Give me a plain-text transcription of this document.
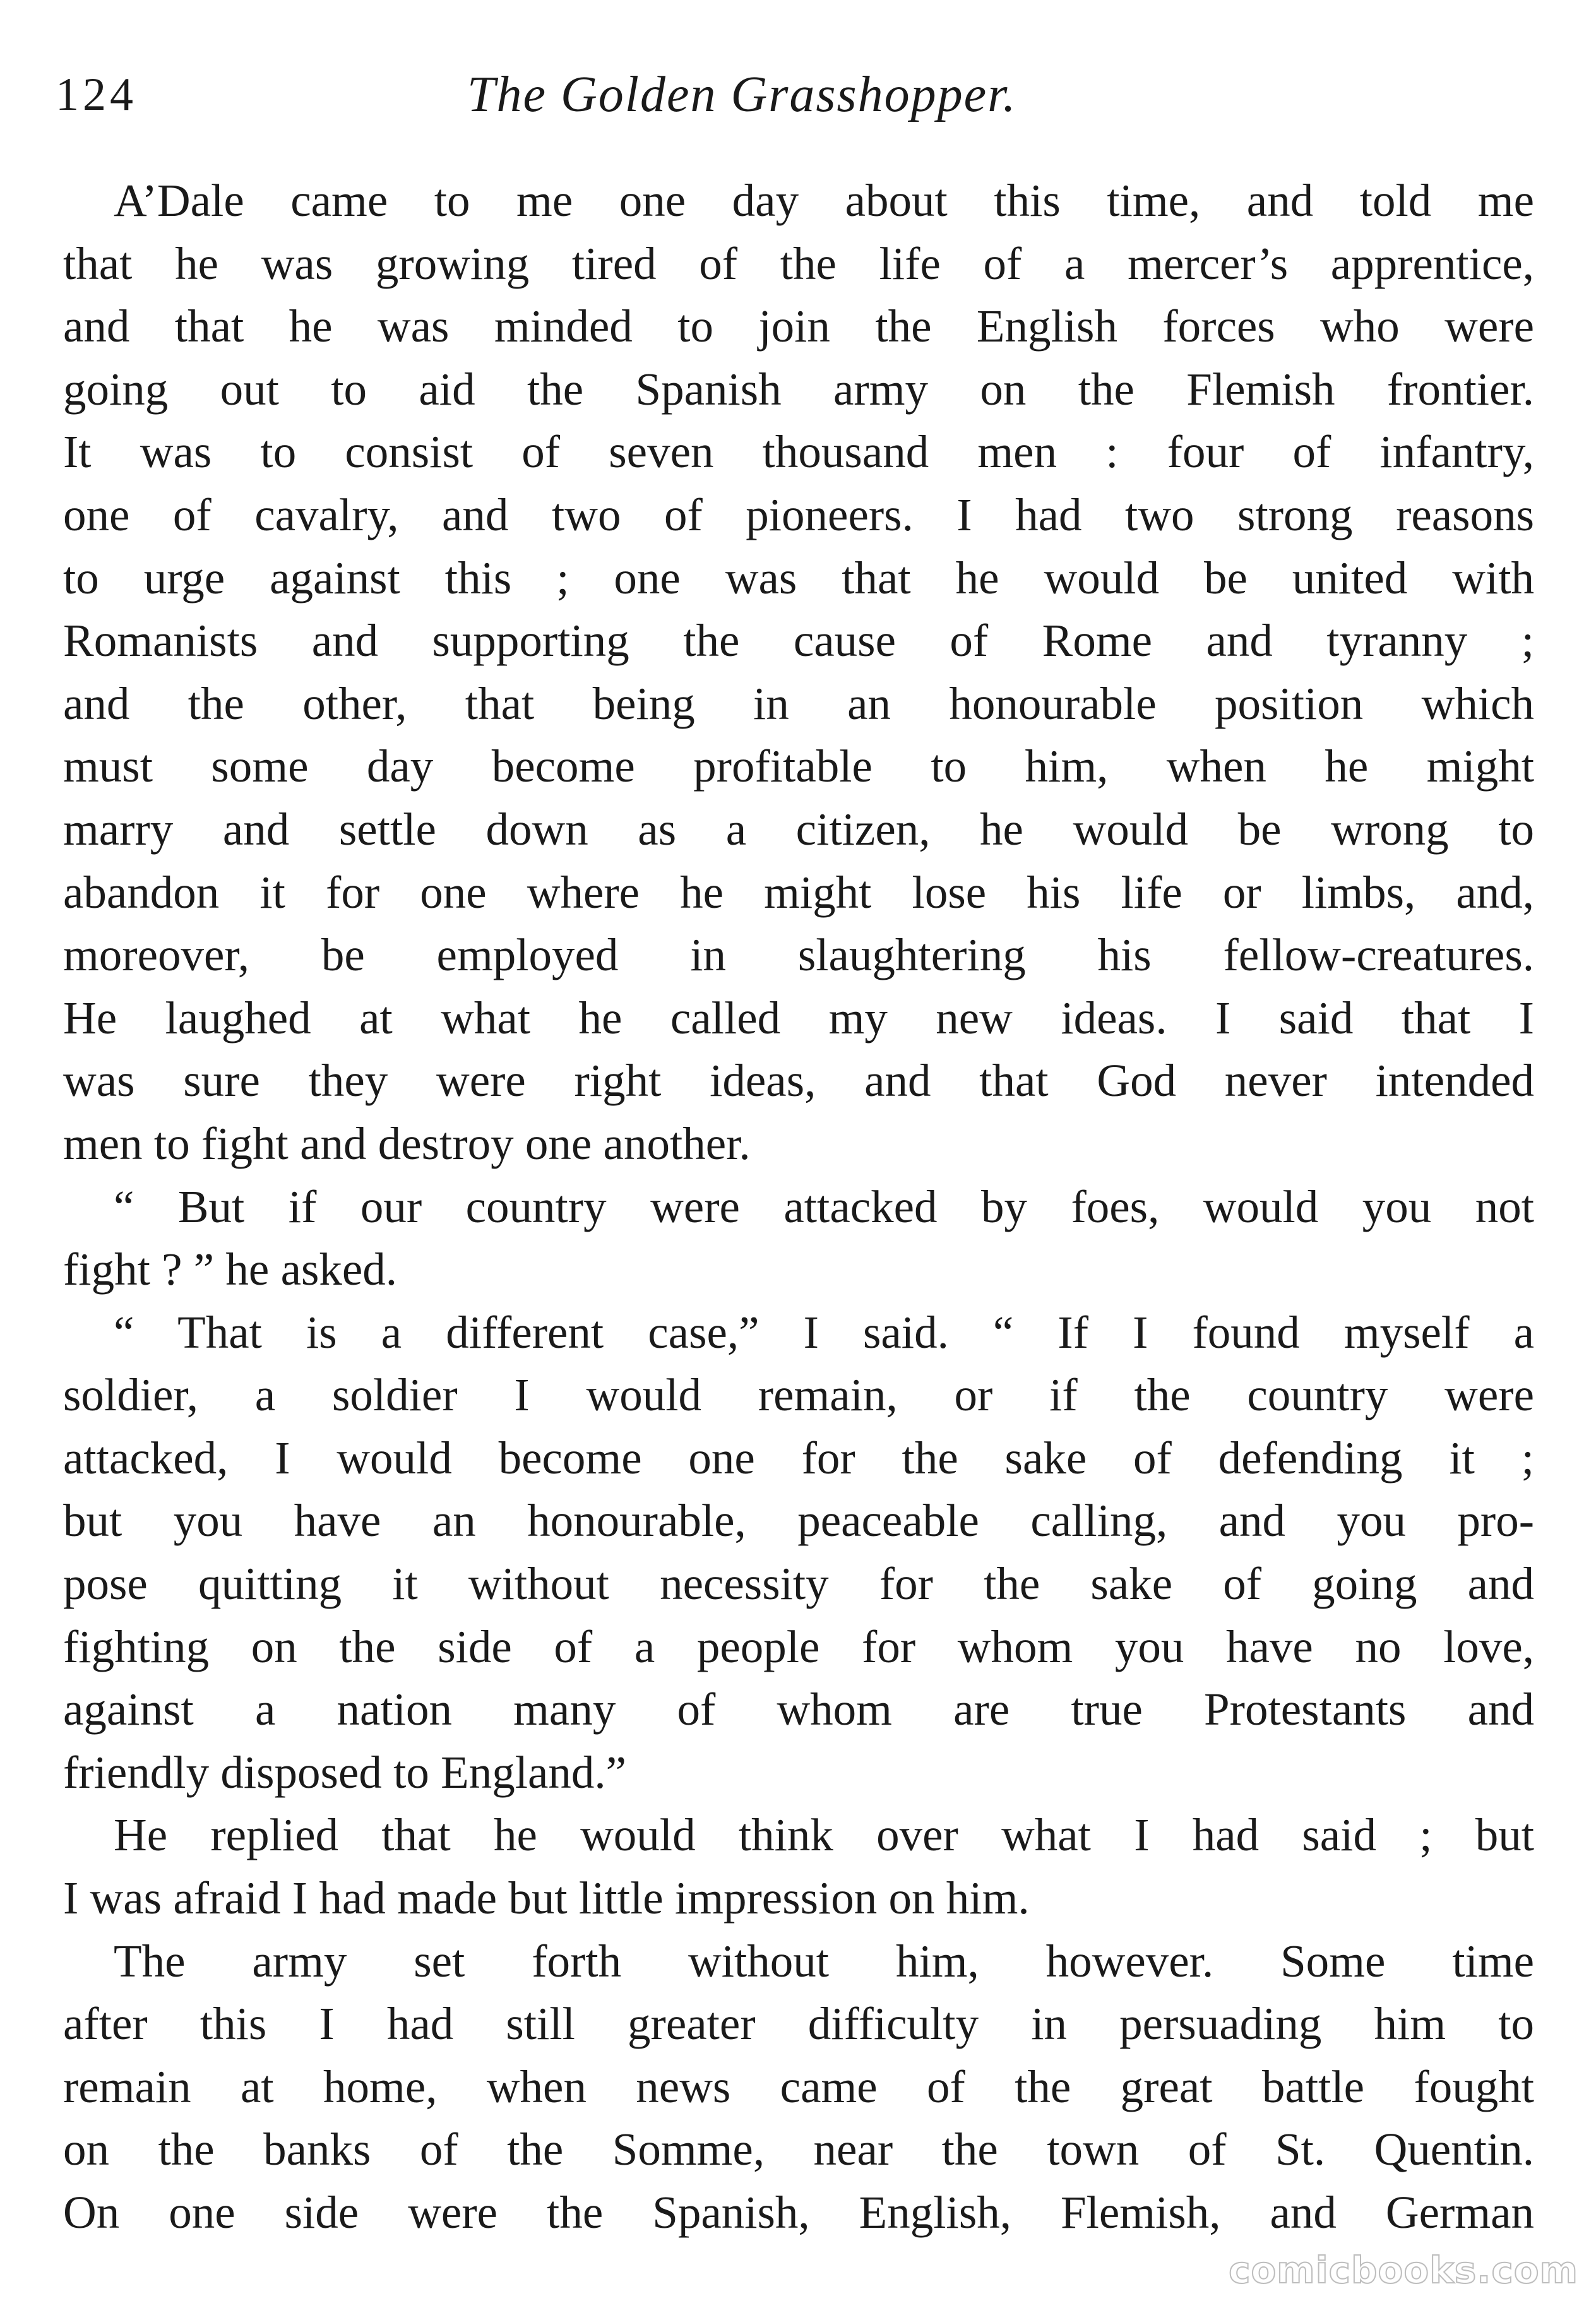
124	The Golden Grasshopper.
A’Dale came to me one day about this time, and told me
that he was growing tired of the life of a mercer’s apprentice,
and that he was minded to join the English forces who were
going out to aid the Spanish army on the Flemish frontier.
It was to consist of seven thousand men : four of infantry,
one of cavalry, and two of pioneers. I had two strong reasons
to urge against this ; one was that he would be united with
Romanists and supporting the cause of Rome and tyranny ;
and the other, that being in an honourable position which
must some day become profitable to him, when he might
marry and settle down as a citizen, he would be wrong to
abandon it for one where he might lose his life or limbs, and,
moreover, be employed in slaughtering his fellow-creatures.
He laughed at what he called my new ideas. I said that I
was sure they were right ideas, and that God never intended
men to fight and destroy one another.
“ But if our country were attacked by foes, would you not
fight ? ” he asked.
“ That is a different case,” I said. “ If I found myself a
soldier, a soldier I would remain, or if the country were
attacked, I would become one for the sake of defending it ;
but you have an honourable, peaceable calling, and you pro-
pose quitting it without necessity for the sake of going and
fighting on the side of a people for whom you have no love,
against a nation many of whom are true Protestants and
friendly disposed to England.”
He replied that he would think over what I had said ; but
I was afraid I had made but little impression on him.
The army set forth without him, however. Some time
after this I had still greater difficulty in persuading him to
remain at home, when news came of the great battle fought
on the banks of the Somme, near the town of St. Quentin.
On one side were the Spanish, English, Flemish, and German
comicbooks.com
